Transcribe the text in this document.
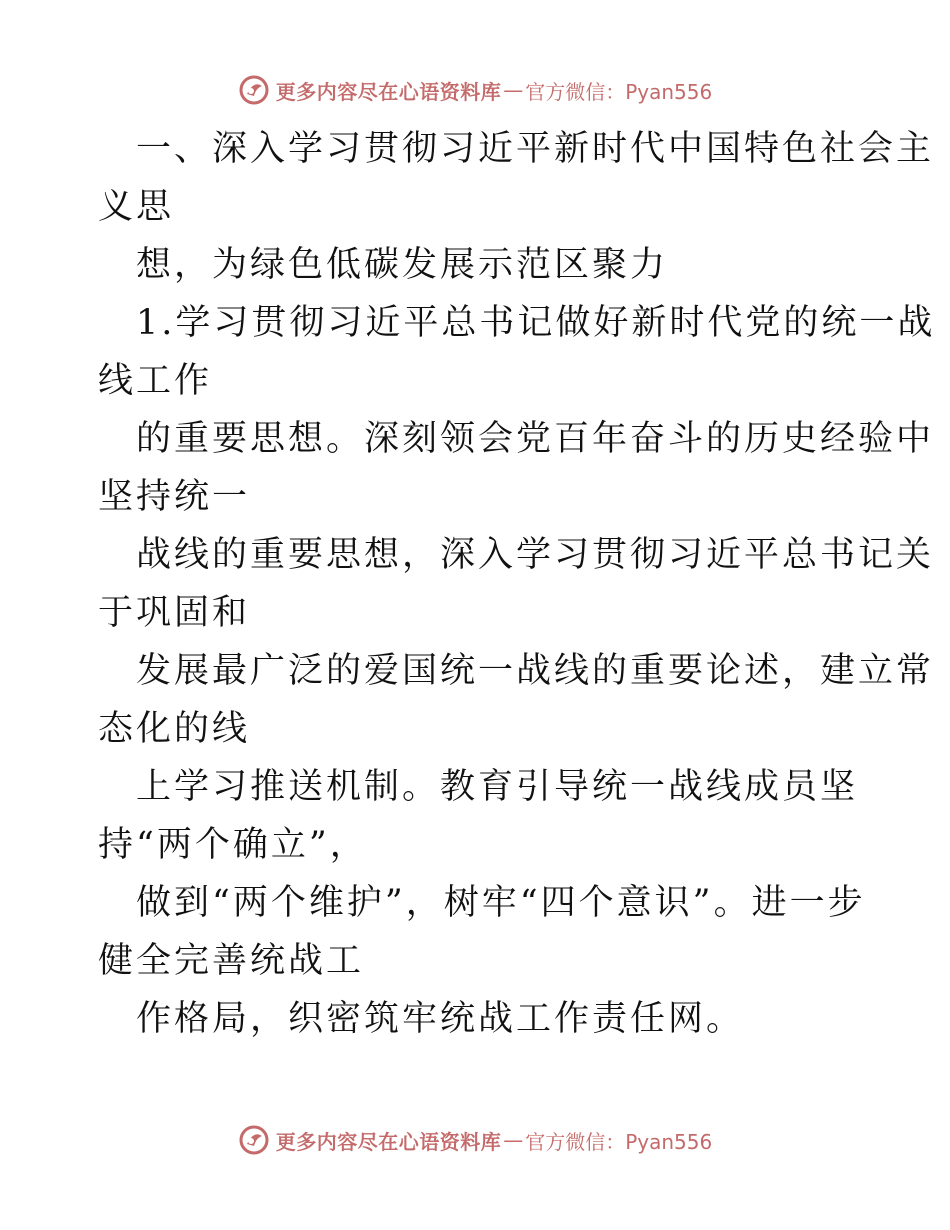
更多内容尽在心语资料库 — 官方微信：Pyan556
一、深入学习贯彻习近平新时代中国特色社会主
义思
想，为绿色低碳发展示范区聚力
1.学习贯彻习近平总书记做好新时代党的统一战
线工作
的重要思想。深刻领会党百年奋斗的历史经验中
坚持统一
战线的重要思想，深入学习贯彻习近平总书记关
于巩固和
发展最广泛的爱国统一战线的重要论述，建立常
态化的线
上学习推送机制。教育引导统一战线成员坚
持“两个确立”，
做到“两个维护”，树牢“四个意识”。进一步
健全完善统战工
作格局，织密筑牢统战工作责任网。
更多内容尽在心语资料库 — 官方微信：Pyan556
